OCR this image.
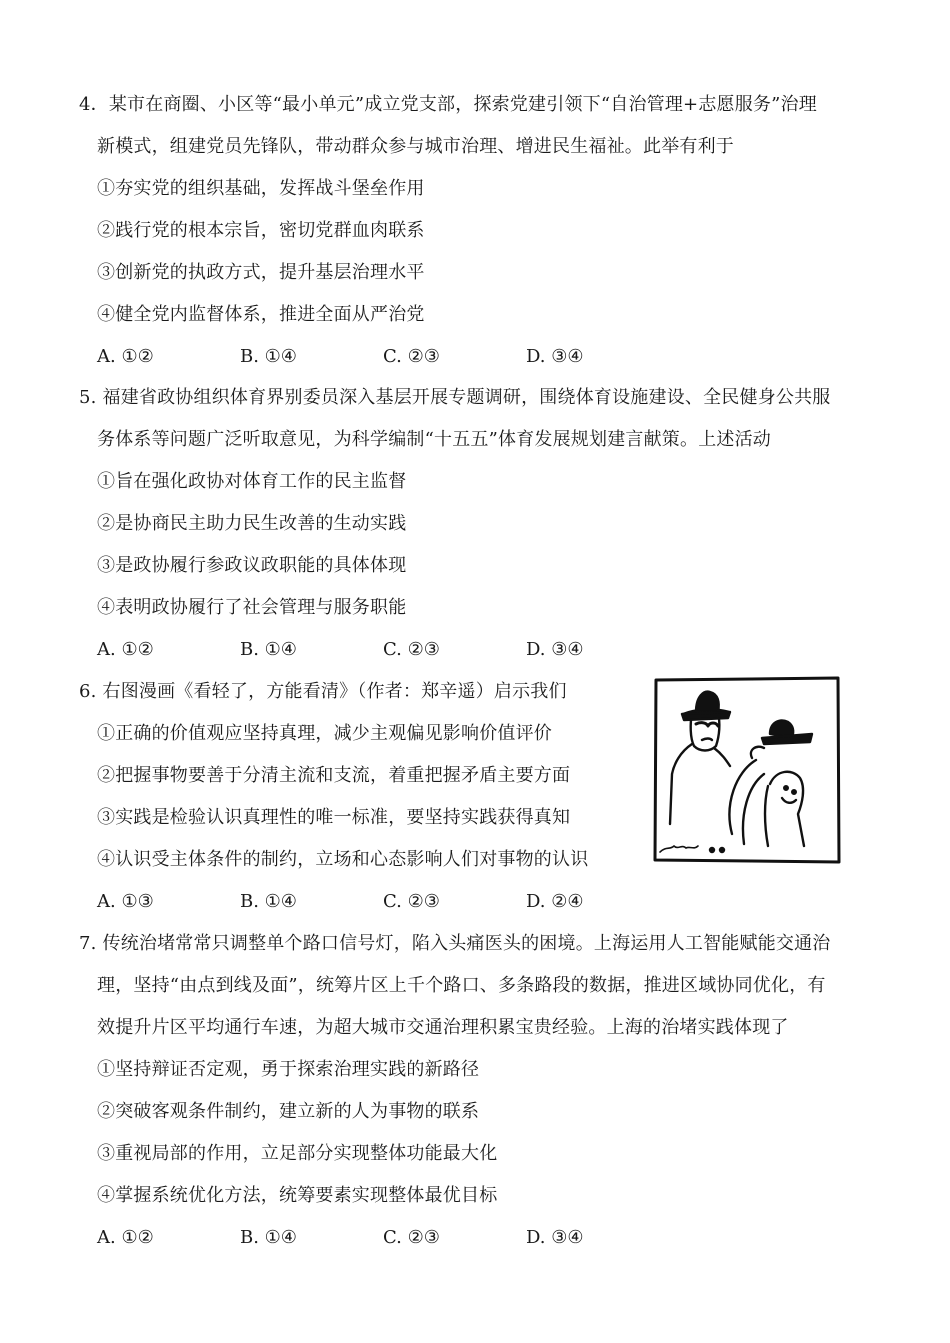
4．某市在商圈、小区等“最小单元”成立党支部，探索党建引领下“自治管理+志愿服务”治理
新模式，组建党员先锋队，带动群众参与城市治理、增进民生福祉。此举有利于
①夯实党的组织基础，发挥战斗堡垒作用
②践行党的根本宗旨，密切党群血肉联系
③创新党的执政方式，提升基层治理水平
④健全党内监督体系，推进全面从严治党
A. ①②	B. ①④	C. ②③	D. ③④
5. 福建省政协组织体育界别委员深入基层开展专题调研，围绕体育设施建设、全民健身公共服
务体系等问题广泛听取意见，为科学编制“十五五”体育发展规划建言献策。上述活动
①旨在强化政协对体育工作的民主监督
②是协商民主助力民生改善的生动实践
③是政协履行参政议政职能的具体体现
④表明政协履行了社会管理与服务职能
A. ①②	B. ①④	C. ②③	D. ③④
6. 右图漫画《看轻了，方能看清》（作者：郑辛遥）启示我们
①正确的价值观应坚持真理，减少主观偏见影响价值评价
②把握事物要善于分清主流和支流，着重把握矛盾主要方面
③实践是检验认识真理性的唯一标准，要坚持实践获得真知
④认识受主体条件的制约，立场和心态影响人们对事物的认识
A. ①③	B. ①④	C. ②③	D. ②④
7. 传统治堵常常只调整单个路口信号灯，陷入头痛医头的困境。上海运用人工智能赋能交通治
理，坚持“由点到线及面”，统筹片区上千个路口、多条路段的数据，推进区域协同优化，有
效提升片区平均通行车速，为超大城市交通治理积累宝贵经验。上海的治堵实践体现了
①坚持辩证否定观，勇于探索治理实践的新路径
②突破客观条件制约，建立新的人为事物的联系
③重视局部的作用，立足部分实现整体功能最大化
④掌握系统优化方法，统筹要素实现整体最优目标
A. ①②	B. ①④	C. ②③	D. ③④
